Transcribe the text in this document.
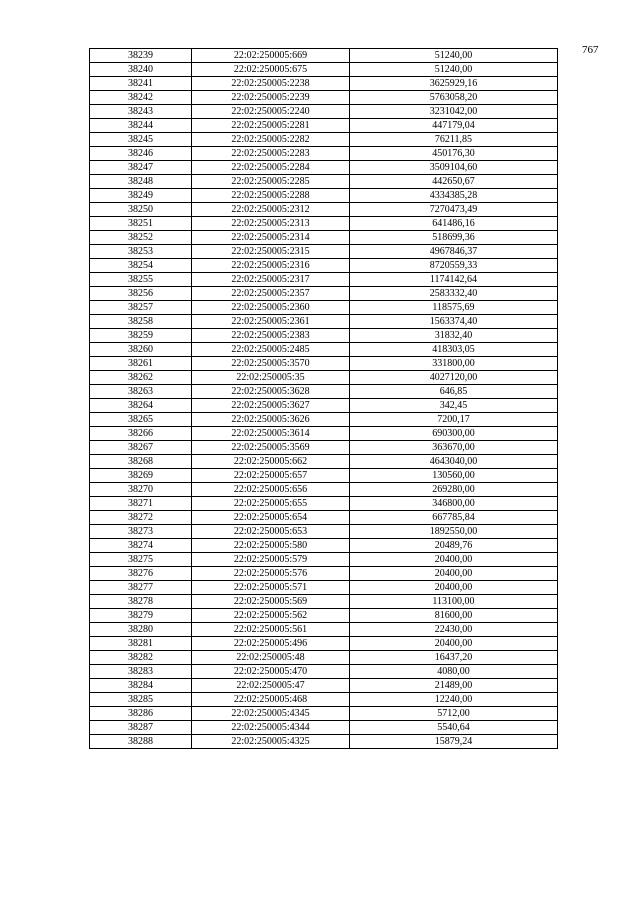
767
38239	22:02:250005:669	51240,00
38240	22:02:250005:675	51240,00
38241	22:02:250005:2238	3625929,16
38242	22:02:250005:2239	5763058,20
38243	22:02:250005:2240	3231042,00
38244	22:02:250005:2281	447179,04
38245	22:02:250005:2282	76211,85
38246	22:02:250005:2283	450176,30
38247	22:02:250005:2284	3509104,60
38248	22:02:250005:2285	442650,67
38249	22:02:250005:2288	4334385,28
38250	22:02:250005:2312	7270473,49
38251	22:02:250005:2313	641486,16
38252	22:02:250005:2314	518699,36
38253	22:02:250005:2315	4967846,37
38254	22:02:250005:2316	8720559,33
38255	22:02:250005:2317	1174142,64
38256	22:02:250005:2357	2583332,40
38257	22:02:250005:2360	118575,69
38258	22:02:250005:2361	1563374,40
38259	22:02:250005:2383	31832,40
38260	22:02:250005:2485	418303,05
38261	22:02:250005:3570	331800,00
38262	22:02:250005:35	4027120,00
38263	22:02:250005:3628	646,85
38264	22:02:250005:3627	342,45
38265	22:02:250005:3626	7200,17
38266	22:02:250005:3614	690300,00
38267	22:02:250005:3569	363670,00
38268	22:02:250005:662	4643040,00
38269	22:02:250005:657	130560,00
38270	22:02:250005:656	269280,00
38271	22:02:250005:655	346800,00
38272	22:02:250005:654	667785,84
38273	22:02:250005:653	1892550,00
38274	22:02:250005:580	20489,76
38275	22:02:250005:579	20400,00
38276	22:02:250005:576	20400,00
38277	22:02:250005:571	20400,00
38278	22:02:250005:569	113100,00
38279	22:02:250005:562	81600,00
38280	22:02:250005:561	22430,00
38281	22:02:250005:496	20400,00
38282	22:02:250005:48	16437,20
38283	22:02:250005:470	4080,00
38284	22:02:250005:47	21489,00
38285	22:02:250005:468	12240,00
38286	22:02:250005:4345	5712,00
38287	22:02:250005:4344	5540,64
38288	22:02:250005:4325	15879,24
